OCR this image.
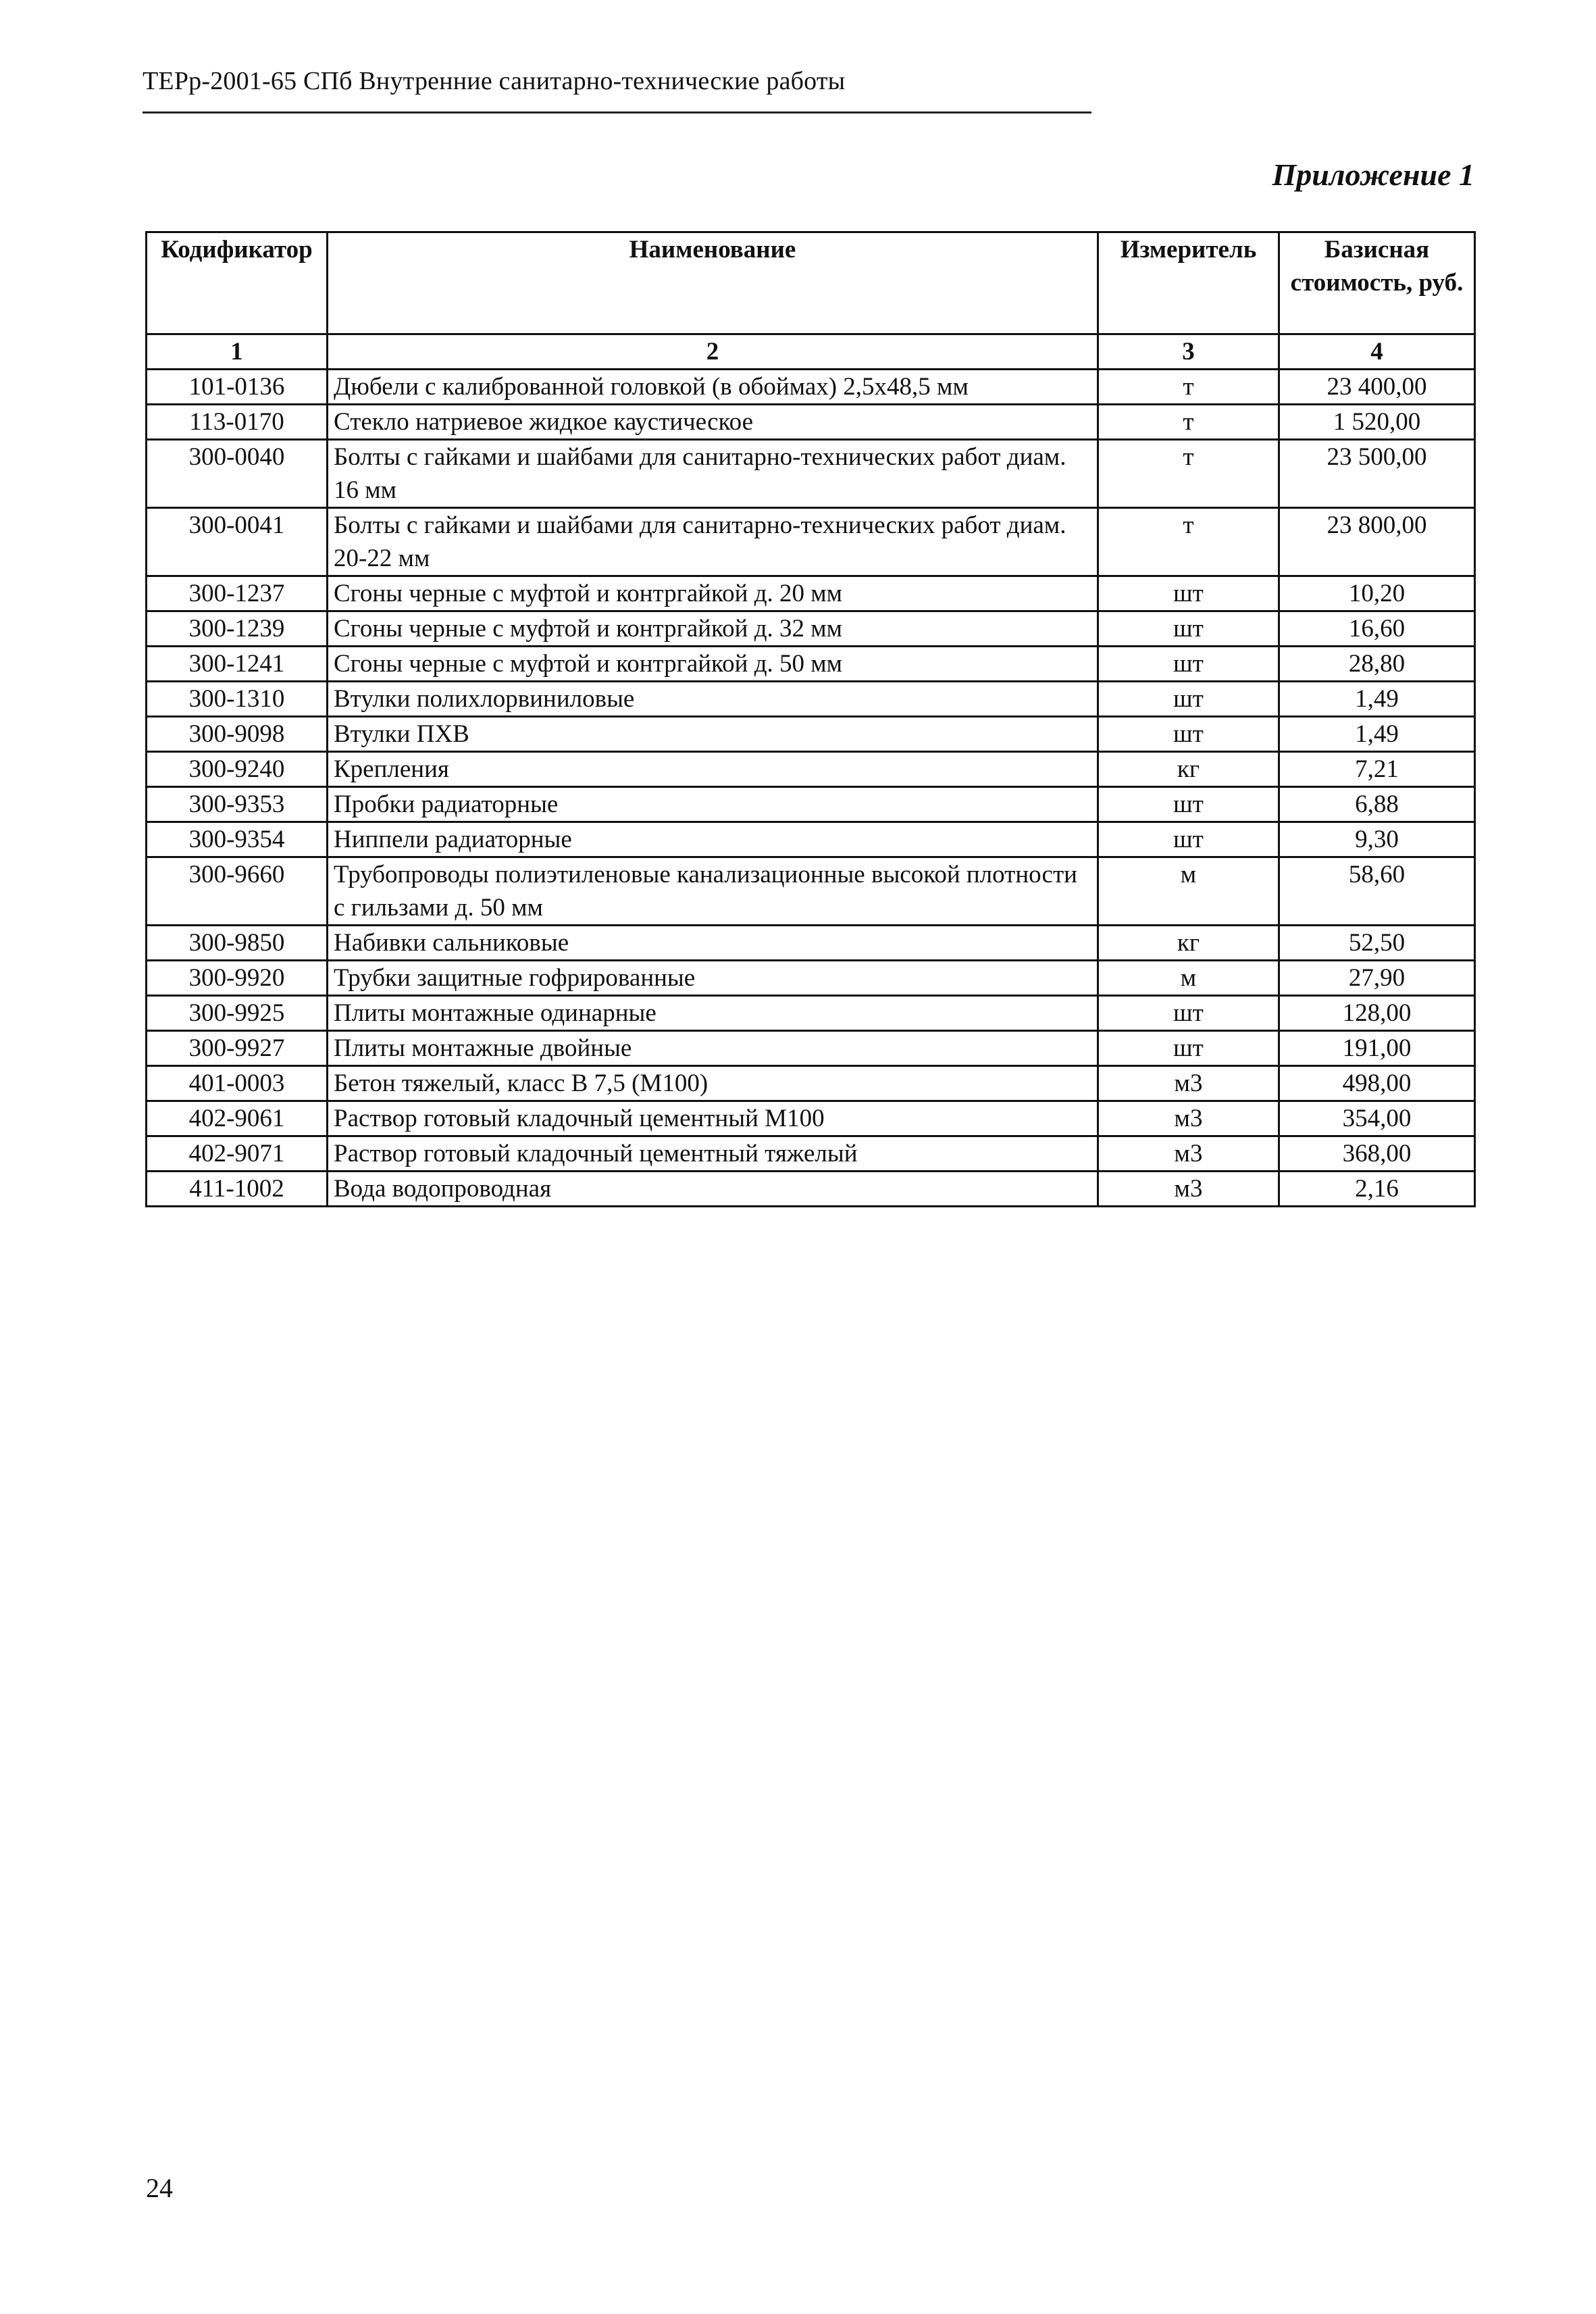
ТЕРр-2001-65 СПб Внутренние санитарно-технические работы
Приложение 1
Кодификатор	Наименование	Измеритель	Базисная стоимость, руб.
1	2	3	4
101-0136	Дюбели с калиброванной головкой (в обоймах) 2,5х48,5 мм	т	23 400,00
113-0170	Стекло натриевое жидкое каустическое	т	1 520,00
300-0040	Болты с гайками и шайбами для санитарно-технических работ диам. 16 мм	т	23 500,00
300-0041	Болты с гайками и шайбами для санитарно-технических работ диам. 20-22 мм	т	23 800,00
300-1237	Сгоны черные с муфтой и контргайкой д. 20 мм	шт	10,20
300-1239	Сгоны черные с муфтой и контргайкой д. 32 мм	шт	16,60
300-1241	Сгоны черные с муфтой и контргайкой д. 50 мм	шт	28,80
300-1310	Втулки полихлорвиниловые	шт	1,49
300-9098	Втулки ПХВ	шт	1,49
300-9240	Крепления	кг	7,21
300-9353	Пробки радиаторные	шт	6,88
300-9354	Ниппели радиаторные	шт	9,30
300-9660	Трубопроводы полиэтиленовые канализационные высокой плотности с гильзами д. 50 мм	м	58,60
300-9850	Набивки сальниковые	кг	52,50
300-9920	Трубки защитные гофрированные	м	27,90
300-9925	Плиты монтажные одинарные	шт	128,00
300-9927	Плиты монтажные двойные	шт	191,00
401-0003	Бетон тяжелый, класс В 7,5 (М100)	м3	498,00
402-9061	Раствор готовый кладочный цементный М100	м3	354,00
402-9071	Раствор готовый кладочный цементный тяжелый	м3	368,00
411-1002	Вода водопроводная	м3	2,16
24
